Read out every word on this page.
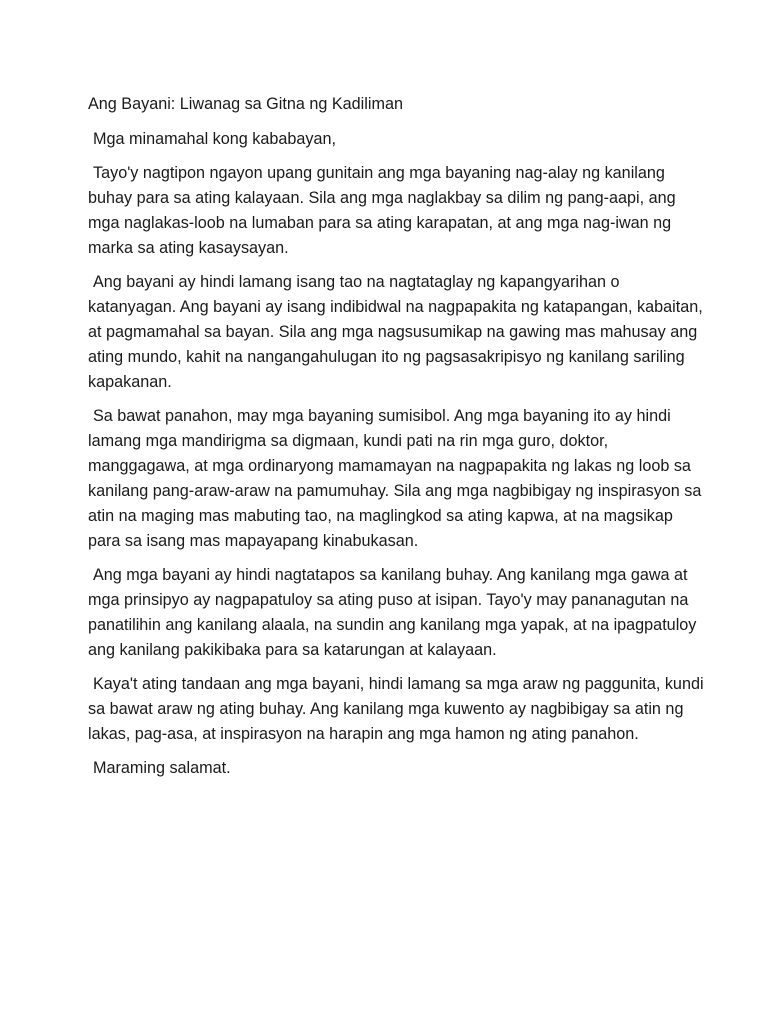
Ang Bayani: Liwanag sa Gitna ng Kadiliman

Mga minamahal kong kababayan,

Tayo'y nagtipon ngayon upang gunitain ang mga bayaning nag-alay ng kanilang buhay para sa ating kalayaan. Sila ang mga naglakbay sa dilim ng pang-aapi, ang mga naglakas-loob na lumaban para sa ating karapatan, at ang mga nag-iwan ng marka sa ating kasaysayan.

Ang bayani ay hindi lamang isang tao na nagtataglay ng kapangyarihan o katanyagan. Ang bayani ay isang indibidwal na nagpapakita ng katapangan, kabaitan, at pagmamahal sa bayan. Sila ang mga nagsusumikap na gawing mas mahusay ang ating mundo, kahit na nangangahulugan ito ng pagsasakripisyo ng kanilang sariling kapakanan.

Sa bawat panahon, may mga bayaning sumisibol. Ang mga bayaning ito ay hindi lamang mga mandirigma sa digmaan, kundi pati na rin mga guro, doktor, manggagawa, at mga ordinaryong mamamayan na nagpapakita ng lakas ng loob sa kanilang pang-araw-araw na pamumuhay. Sila ang mga nagbibigay ng inspirasyon sa atin na maging mas mabuting tao, na maglingkod sa ating kapwa, at na magsikap para sa isang mas mapayapang kinabukasan.

Ang mga bayani ay hindi nagtatapos sa kanilang buhay. Ang kanilang mga gawa at mga prinsipyo ay nagpapatuloy sa ating puso at isipan. Tayo'y may pananagutan na panatilihin ang kanilang alaala, na sundin ang kanilang mga yapak, at na ipagpatuloy ang kanilang pakikibaka para sa katarungan at kalayaan.

Kaya't ating tandaan ang mga bayani, hindi lamang sa mga araw ng paggunita, kundi sa bawat araw ng ating buhay. Ang kanilang mga kuwento ay nagbibigay sa atin ng lakas, pag-asa, at inspirasyon na harapin ang mga hamon ng ating panahon.

Maraming salamat.
